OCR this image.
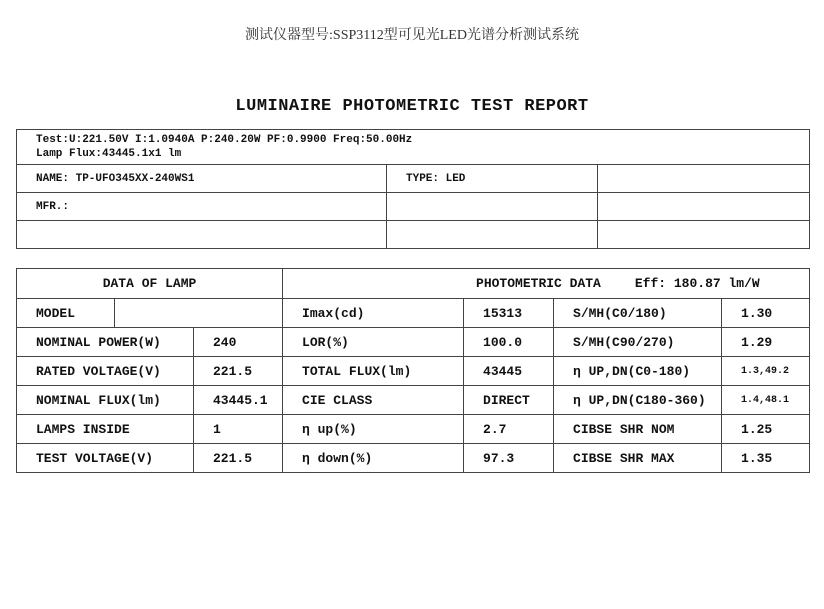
测试仪器型号:SSP3112型可见光LED光谱分析测试系统
LUMINAIRE PHOTOMETRIC TEST REPORT
Test:U:221.50V I:1.0940A P:240.20W PF:0.9900 Freq:50.00Hz
Lamp Flux:43445.1x1 lm		

NAME: TP-UFO345XX-240WS1	TYPE: LED	
MFR.:		

DATA OF LAMP			PHOTOMETRIC DATA Eff: 180.87 lm/W			
MODEL			Imax(cd)	15313	S/MH(C0/180)	1.30
NOMINAL POWER(W)		240	LOR(%)	100.0	S/MH(C90/270)	1.29
RATED VOLTAGE(V)		221.5	TOTAL FLUX(lm)	43445	η UP,DN(C0-180)	1.3,49.2
NOMINAL FLUX(lm)		43445.1	CIE CLASS	DIRECT	η UP,DN(C180-360)	1.4,48.1
LAMPS INSIDE		1	η up(%)	2.7	CIBSE SHR NOM	1.25
TEST VOLTAGE(V)		221.5	η down(%)	97.3	CIBSE SHR MAX	1.35
